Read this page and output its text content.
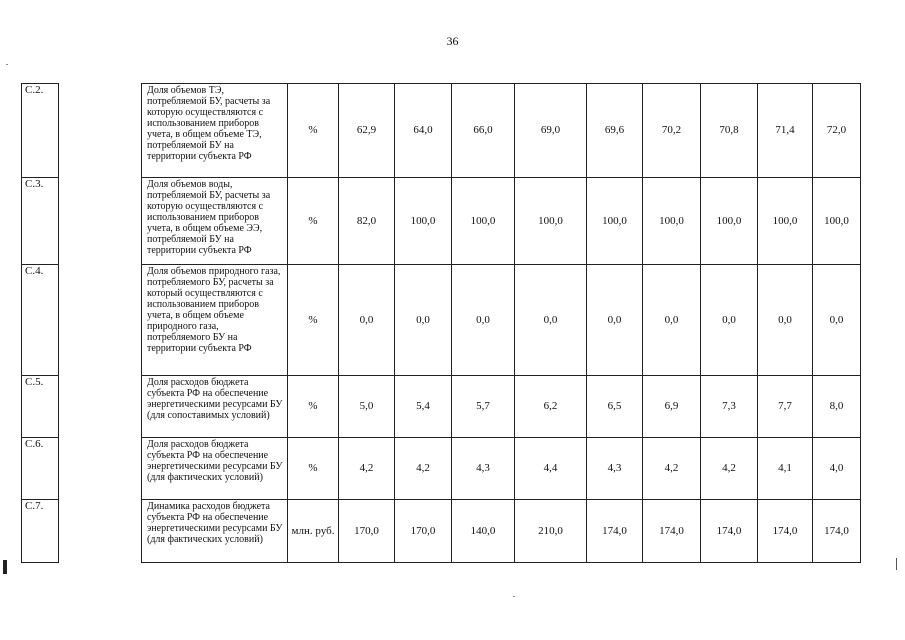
36
С.2.		Доля объемов ТЭ, потребляемой БУ, расчеты за которую осуществляются с использованием приборов учета, в общем объеме ТЭ, потребляемой БУ на территории субъекта РФ	%	62,9	64,0	66,0	69,0	69,6	70,2	70,8	71,4	72,0
С.3.		Доля объемов воды, потребляемой БУ, расчеты за которую осуществляются с использованием приборов учета, в общем объеме ЭЭ, потребляемой БУ на территории субъекта РФ	%	82,0	100,0	100,0	100,0	100,0	100,0	100,0	100,0	100,0
С.4.		Доля объемов природного газа, потребляемого БУ, расчеты за который осуществляются с использованием приборов учета, в общем объеме природного газа, потребляемого БУ на территории субъекта РФ	%	0,0	0,0	0,0	0,0	0,0	0,0	0,0	0,0	0,0
С.5.		Доля расходов бюджета субъекта РФ на обеспечение энергетическими ресурсами БУ (для сопоставимых условий)	%	5,0	5,4	5,7	6,2	6,5	6,9	7,3	7,7	8,0
С.6.		Доля расходов бюджета субъекта РФ на обеспечение энергетическими ресурсами БУ (для фактических условий)	%	4,2	4,2	4,3	4,4	4,3	4,2	4,2	4,1	4,0
С.7.		Динамика расходов бюджета субъекта РФ на обеспечение энергетическими ресурсами БУ (для фактических условий)	млн. руб.	170,0	170,0	140,0	210,0	174,0	174,0	174,0	174,0	174,0
